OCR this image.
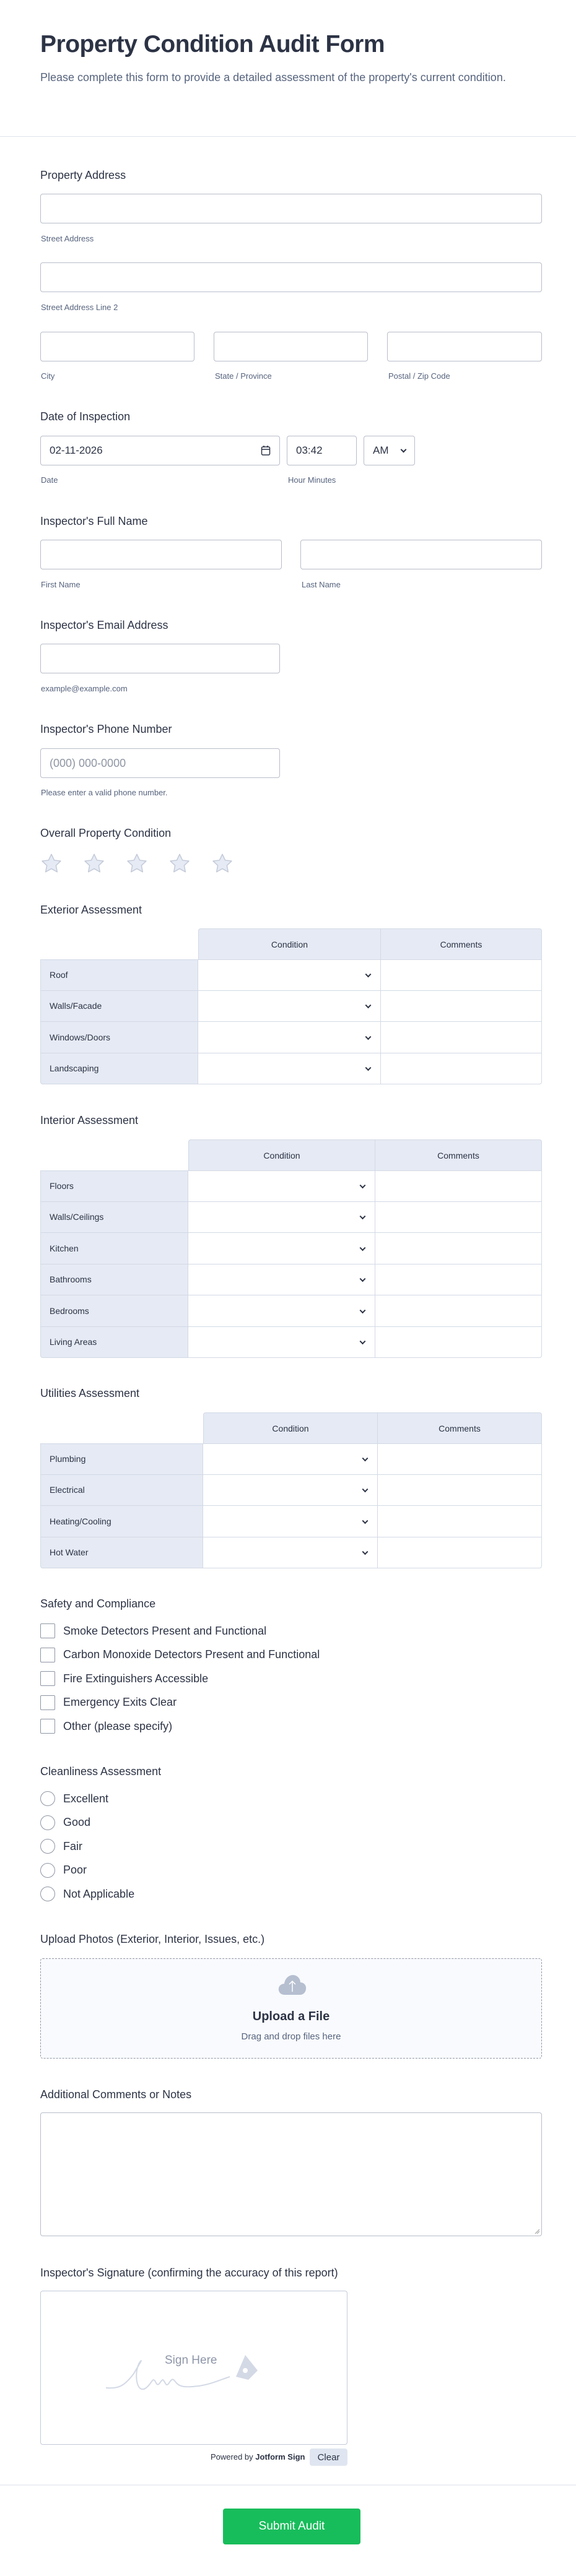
Property Condition Audit Form

Please complete this form to provide a detailed assessment of the property's current condition.

Property Address
Street Address
Street Address Line 2
City	State / Province	Postal / Zip Code
Date of Inspection
02-11-2026	03:42	AM
Date	Hour Minutes
Inspector's Full Name
First Name	Last Name
Inspector's Email Address
example@example.com
Inspector's Phone Number
(000) 000-0000
Please enter a valid phone number.
Overall Property Condition
Exterior Assessment
	Condition	Comments
Roof	

Walls/Facade	

Windows/Doors	

Landscaping	

Interior Assessment
	Condition	Comments
Floors	

Walls/Ceilings	

Kitchen	

Bathrooms	

Bedrooms	

Living Areas	

Utilities Assessment
	Condition	Comments
Plumbing	

Electrical	

Heating/Cooling	

Hot Water	

Safety and Compliance
Smoke Detectors Present and Functional
Carbon Monoxide Detectors Present and Functional
Fire Extinguishers Accessible
Emergency Exits Clear
Other (please specify)
Cleanliness Assessment
Excellent
Good
Fair
Poor
Not Applicable
Upload Photos (Exterior, Interior, Issues, etc.)
Upload a File
Drag and drop files here
Additional Comments or Notes
Inspector's Signature (confirming the accuracy of this report)
Sign Here
Powered by Jotform Sign	Clear
Submit Audit
